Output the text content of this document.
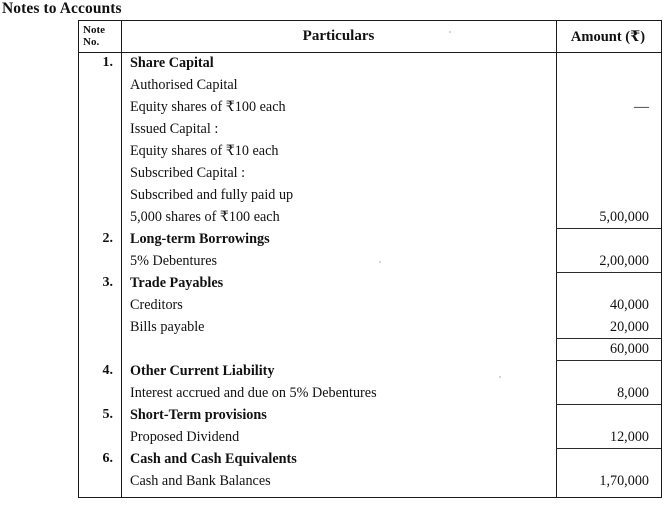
Notes to Accounts
Note
No.	Particulars	Amount (₹)
1.	Share Capital
Authorised Capital
Equity shares of ₹100 each	—
Issued Capital :
Equity shares of ₹10 each
Subscribed Capital :
Subscribed and fully paid up
5,000 shares of ₹100 each	5,00,000
2.	Long-term Borrowings
5% Debentures	2,00,000
3.	Trade Payables
Creditors	40,000
Bills payable	20,000
60,000
4.	Other Current Liability
Interest accrued and due on 5% Debentures	8,000
5.	Short-Term provisions
Proposed Dividend	12,000
6.	Cash and Cash Equivalents
Cash and Bank Balances	1,70,000
